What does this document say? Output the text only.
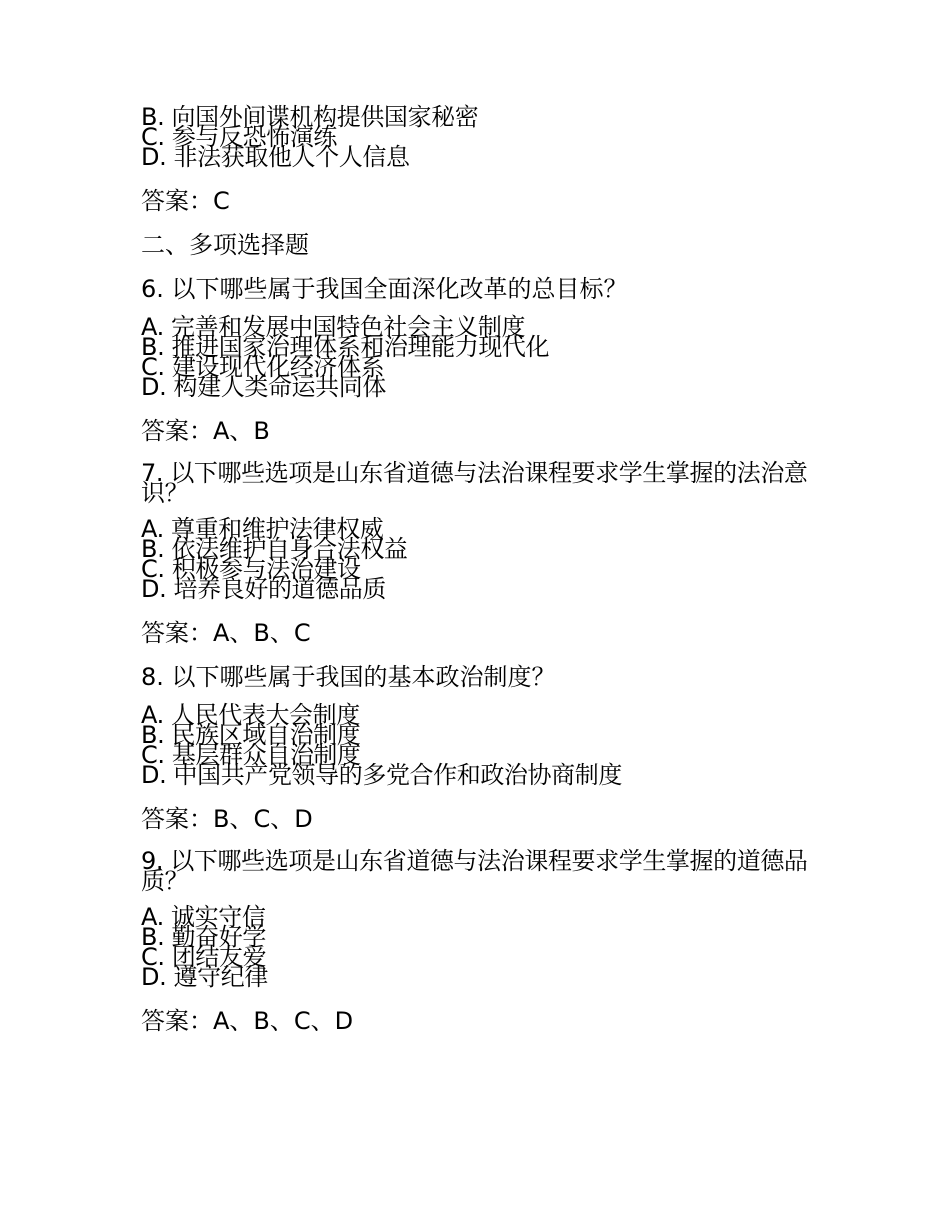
B. 向国外间谍机构提供国家秘密
C. 参与反恐怖演练
D. 非法获取他人个人信息
答案：C
二、多项选择题
6. 以下哪些属于我国全面深化改革的总目标？
A. 完善和发展中国特色社会主义制度
B. 推进国家治理体系和治理能力现代化
C. 建设现代化经济体系
D. 构建人类命运共同体
答案：A、B
7. 以下哪些选项是山东省道德与法治课程要求学生掌握的法治意识？
A. 尊重和维护法律权威
B. 依法维护自身合法权益
C. 积极参与法治建设
D. 培养良好的道德品质
答案：A、B、C
8. 以下哪些属于我国的基本政治制度？
A. 人民代表大会制度
B. 民族区域自治制度
C. 基层群众自治制度
D. 中国共产党领导的多党合作和政治协商制度
答案：B、C、D
9. 以下哪些选项是山东省道德与法治课程要求学生掌握的道德品质？
A. 诚实守信
B. 勤奋好学
C. 团结友爱
D. 遵守纪律
答案：A、B、C、D
